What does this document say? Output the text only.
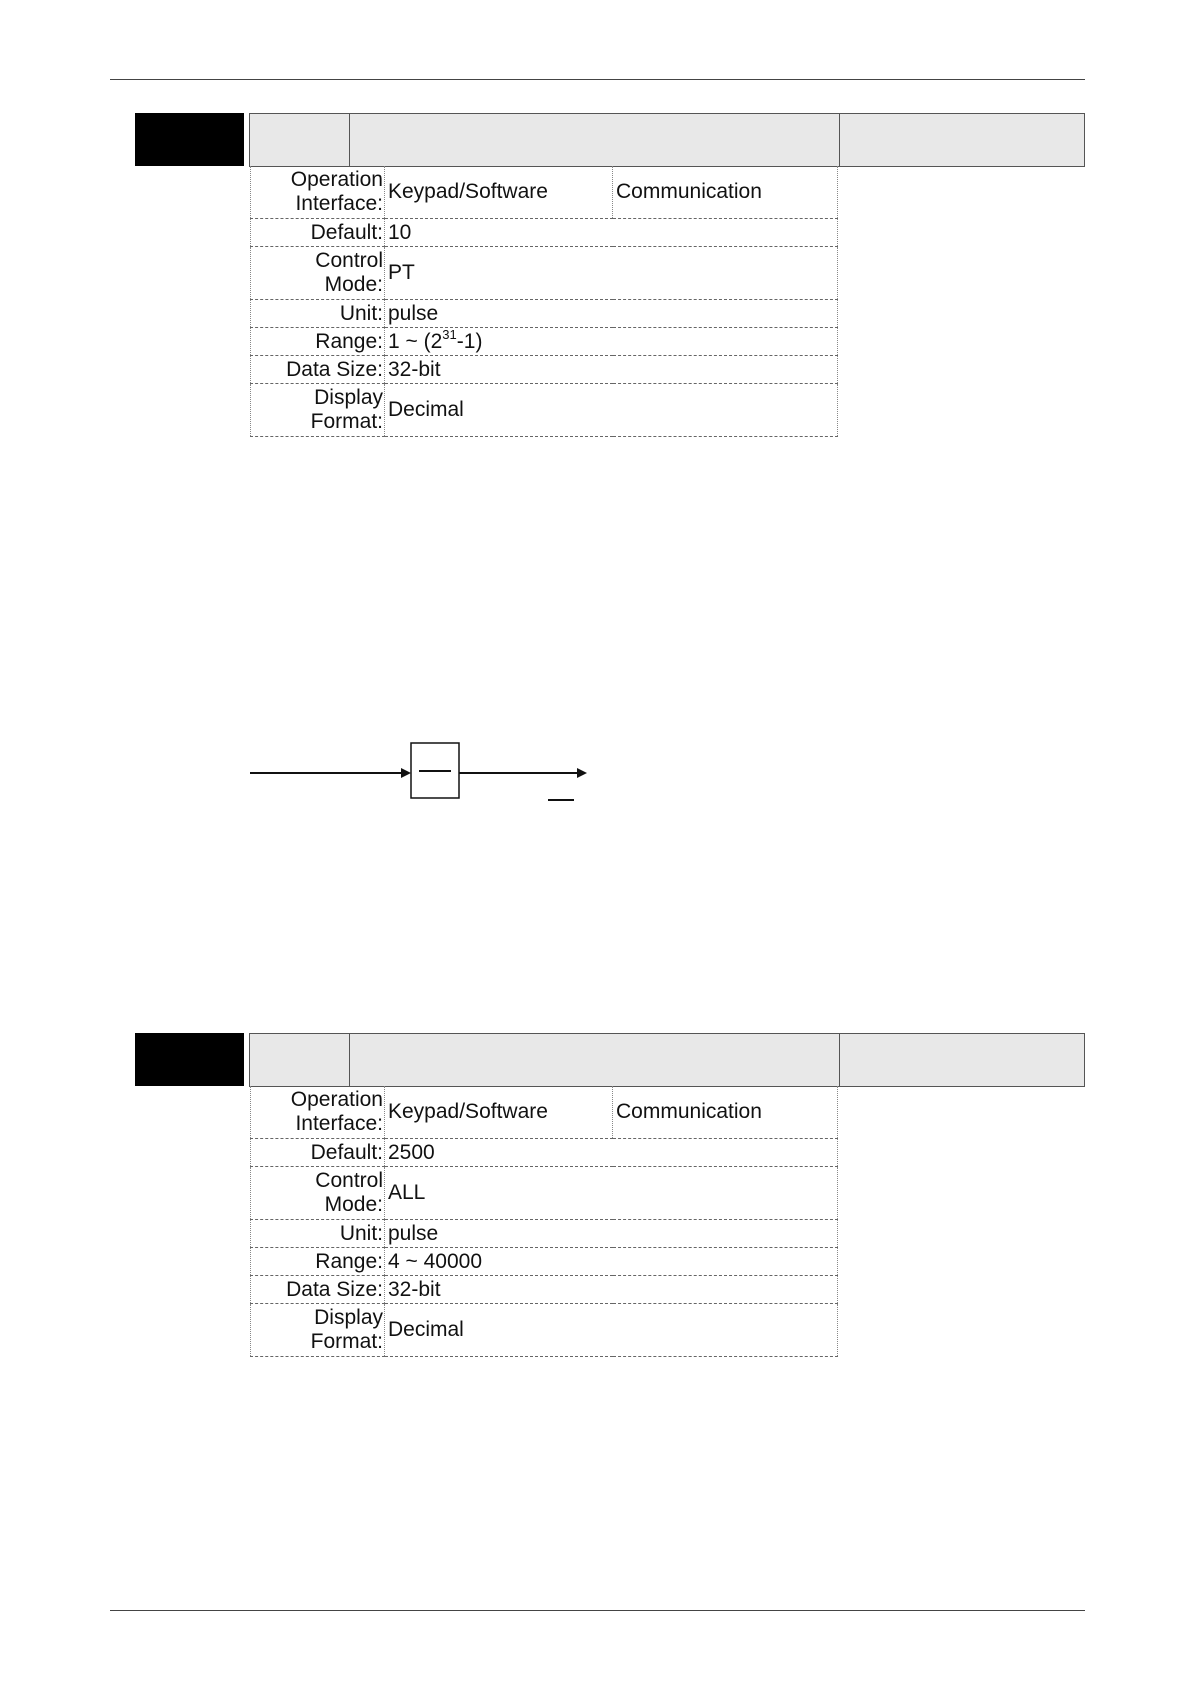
Operation Interface:	Keypad/Software	Communication
Default:	10	
Control Mode:	PT	
Unit:	pulse	
Range:	1 ~ $(2^{31}-1)$	
Data Size:	32-bit	
Display Format:	Decimal	
Operation Interface:	Keypad/Software	Communication
Default:	2500	
Control Mode:	ALL	
Unit:	pulse	
Range:	4 ~ 40000	
Data Size:	32-bit	
Display Format:	Decimal	
